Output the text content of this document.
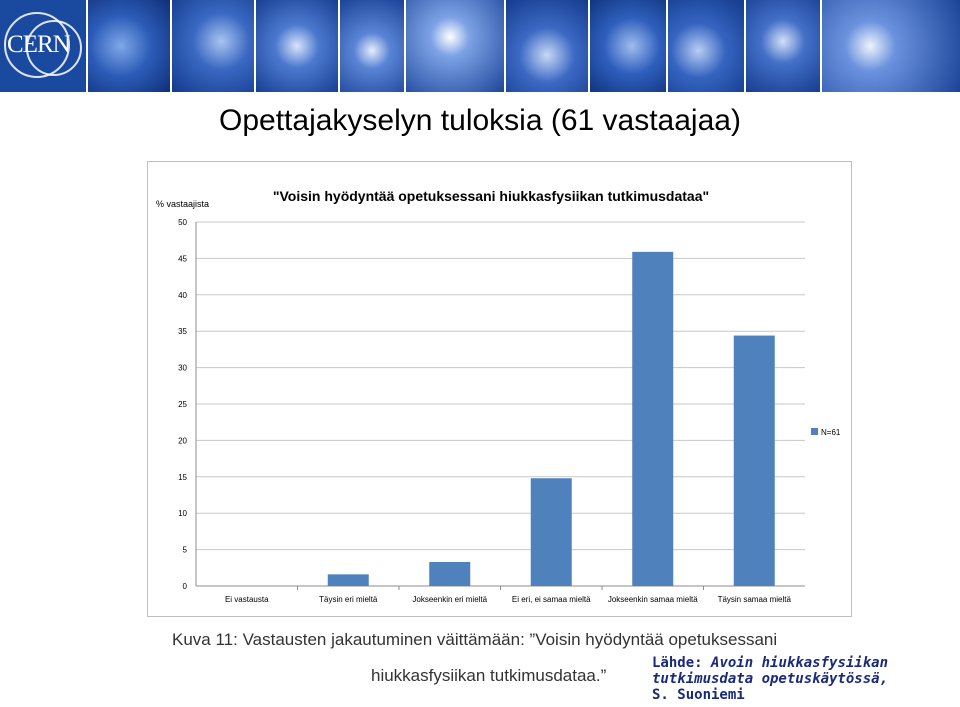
CERN
Opettajakyselyn tuloksia (61 vastaajaa)
"Voisin hyödyntää opetuksessani hiukkasfysiikan tutkimusdataa"
% vastaajista
0
5
10
15
20
25
30
35
40
45
50
Ei vastausta	Täysin eri mieltä	Jokseenkin eri mieltä	Ei eri, ei samaa mieltä Jokseenkin samaa mieltä Täysin samaa mieltä
N=61
Kuva 11: Vastausten jakautuminen väittämään: ”Voisin hyödyntää opetuksessani
hiukkasfysiikan tutkimusdataa.”
Lähde: Avoin hiukkasfysiikan
tutkimusdata opetuskäytössä,
S. Suoniemi
